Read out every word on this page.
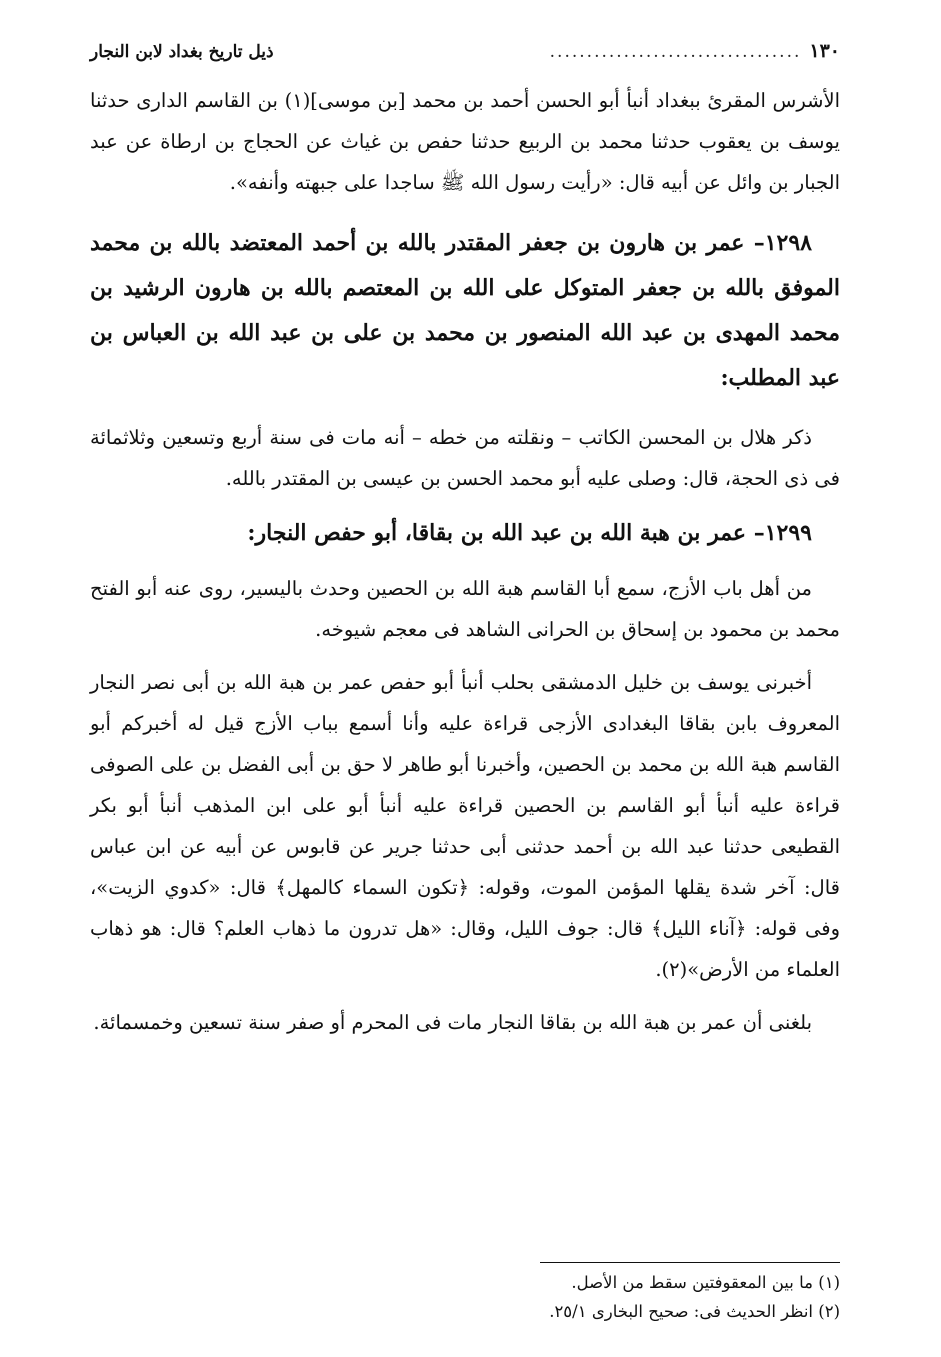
١٣٠
..................................
ذيل تاريخ بغداد لابن النجار

الأشرس المقرئ ببغداد أنبأ أبو الحسن أحمد بن محمد [بن موسى](١) بن القاسم الدارى حدثنا يوسف بن يعقوب حدثنا محمد بن الربيع حدثنا حفص بن غياث عن الحجاج بن ارطاة عن عبد الجبار بن وائل عن أبيه قال: «رأيت رسول الله ﷺ ساجدا على جبهته وأنفه».

١٢٩٨– عمر بن هارون بن جعفر المقتدر بالله بن أحمد المعتضد بالله بن محمد الموفق بالله بن جعفر المتوكل على الله بن المعتصم بالله بن هارون الرشيد بن محمد المهدى بن عبد الله المنصور بن محمد بن على بن عبد الله بن العباس بن عبد المطلب:

ذكر هلال بن المحسن الكاتب – ونقلته من خطه – أنه مات فى سنة أربع وتسعين وثلاثمائة فى ذى الحجة، قال: وصلى عليه أبو محمد الحسن بن عيسى بن المقتدر بالله.

١٢٩٩– عمر بن هبة الله بن عبد الله بن بقاقا، أبو حفص النجار:

من أهل باب الأزج، سمع أبا القاسم هبة الله بن الحصين وحدث باليسير، روى عنه أبو الفتح محمد بن محمود بن إسحاق بن الحرانى الشاهد فى معجم شيوخه.

أخبرنى يوسف بن خليل الدمشقى بحلب أنبأ أبو حفص عمر بن هبة الله بن أبى نصر النجار المعروف بابن بقاقا البغدادى الأزجى قراءة عليه وأنا أسمع بباب الأزج قيل له أخبركم أبو القاسم هبة الله بن محمد بن الحصين، وأخبرنا أبو طاهر لا حق بن أبى الفضل بن على الصوفى قراءة عليه أنبأ أبو القاسم بن الحصين قراءة عليه أنبأ أبو على ابن المذهب أنبأ أبو بكر القطيعى حدثنا عبد الله بن أحمد حدثنى أبى حدثنا جرير عن قابوس عن أبيه عن ابن عباس قال: آخر شدة يقلها المؤمن الموت، وقوله: ﴿تكون السماء كالمهل﴾ قال: «كدوي الزيت»، وفى قوله: ﴿آناء الليل﴾ قال: جوف الليل، وقال: «هل تدرون ما ذهاب العلم؟ قال: هو ذهاب العلماء من الأرض»(٢).

بلغنى أن عمر بن هبة الله بن بقاقا النجار مات فى المحرم أو صفر سنة تسعين وخمسمائة.

(١) ما بين المعقوفتين سقط من الأصل.

(٢) انظر الحديث فى: صحيح البخارى ٢٥/١.
